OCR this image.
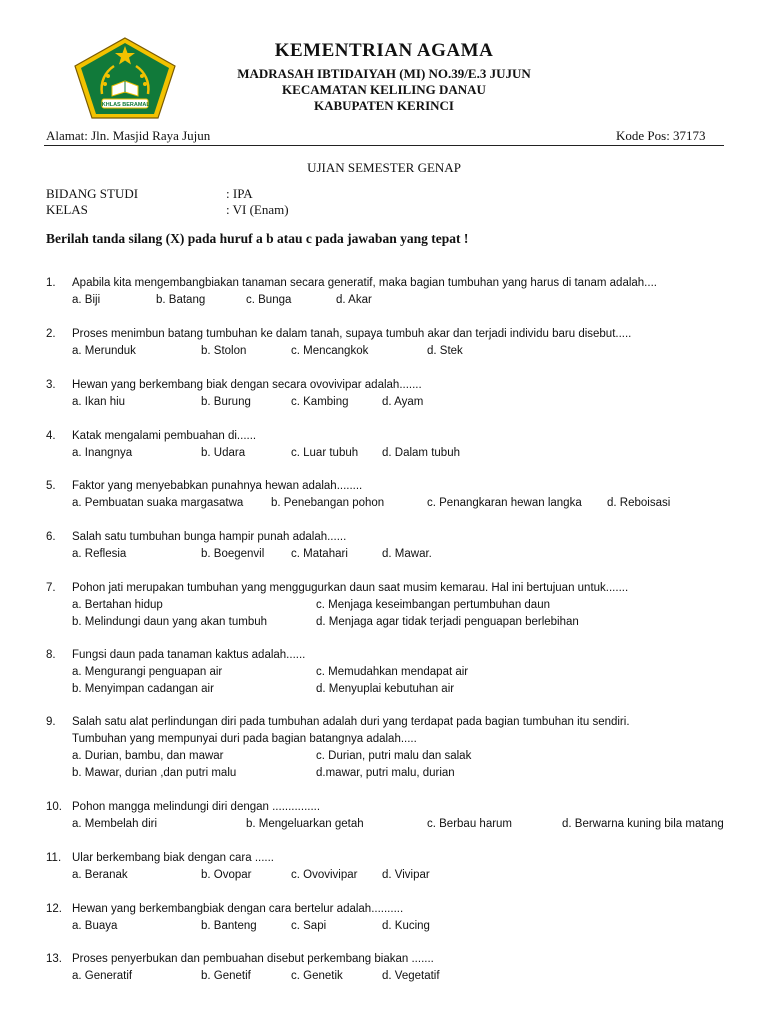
IKHLAS BERAMAL
KEMENTRIAN AGAMA
MADRASAH IBTIDAIYAH (MI) NO.39/E.3 JUJUN
KECAMATAN KELILING DANAU
KABUPATEN KERINCI
Alamat: Jln. Masjid Raya Jujun	Kode Pos: 37173
UJIAN SEMESTER GENAP
BIDANG STUDI	: IPA
KELAS	: VI (Enam)
Berilah tanda silang (X) pada huruf a b atau c pada jawaban yang tepat !
1. Apabila kita mengembangbiakan tanaman secara generatif, maka bagian tumbuhan yang harus di tanam adalah....
a. Biji	b. Batang	c. Bunga	d. Akar
2. Proses menimbun batang tumbuhan ke dalam tanah, supaya tumbuh akar dan terjadi individu baru disebut.....
a. Merunduk	b. Stolon	c. Mencangkok	d. Stek
3. Hewan yang berkembang biak dengan secara ovovivipar adalah.......
a. Ikan hiu	b. Burung	c. Kambing	d. Ayam
4. Katak mengalami pembuahan di......
a. Inangnya	b. Udara	c. Luar tubuh d. Dalam tubuh
5. Faktor yang menyebabkan punahnya hewan adalah........
a. Pembuatan suaka margasatwa b. Penebangan pohon	c. Penangkaran hewan langka d. Reboisasi
6. Salah satu tumbuhan bunga hampir punah adalah......
a. Reflesia	b. Boegenvil c. Matahari	d. Mawar.
7. Pohon jati merupakan tumbuhan yang menggugurkan daun saat musim kemarau. Hal ini bertujuan untuk.......
a. Bertahan hidup	c. Menjaga keseimbangan pertumbuhan daun
b. Melindungi daun yang akan tumbuh	d. Menjaga agar tidak terjadi penguapan berlebihan
8. Fungsi daun pada tanaman kaktus adalah......
a. Mengurangi penguapan air	c. Memudahkan mendapat air
b. Menyimpan cadangan air	d. Menyuplai kebutuhan air
9. Salah satu alat perlindungan diri pada tumbuhan adalah duri yang terdapat pada bagian tumbuhan itu sendiri.
Tumbuhan yang mempunyai duri pada bagian batangnya adalah.....
a. Durian, bambu, dan mawar	c. Durian, putri malu dan salak
b. Mawar, durian ,dan putri malu	d.mawar, putri malu, durian
10. Pohon mangga melindungi diri dengan ...............
a. Membelah diri	b. Mengeluarkan getah	c. Berbau harum	d. Berwarna kuning bila matang
11. Ular berkembang biak dengan cara ......
a. Beranak	b. Ovopar	c. Ovovivipar d. Vivipar
12. Hewan yang berkembangbiak dengan cara bertelur adalah..........
a. Buaya	b. Banteng	c. Sapi	d. Kucing
13. Proses penyerbukan dan pembuahan disebut perkembang biakan .......
a. Generatif	b. Genetif	c. Genetik	d. Vegetatif
